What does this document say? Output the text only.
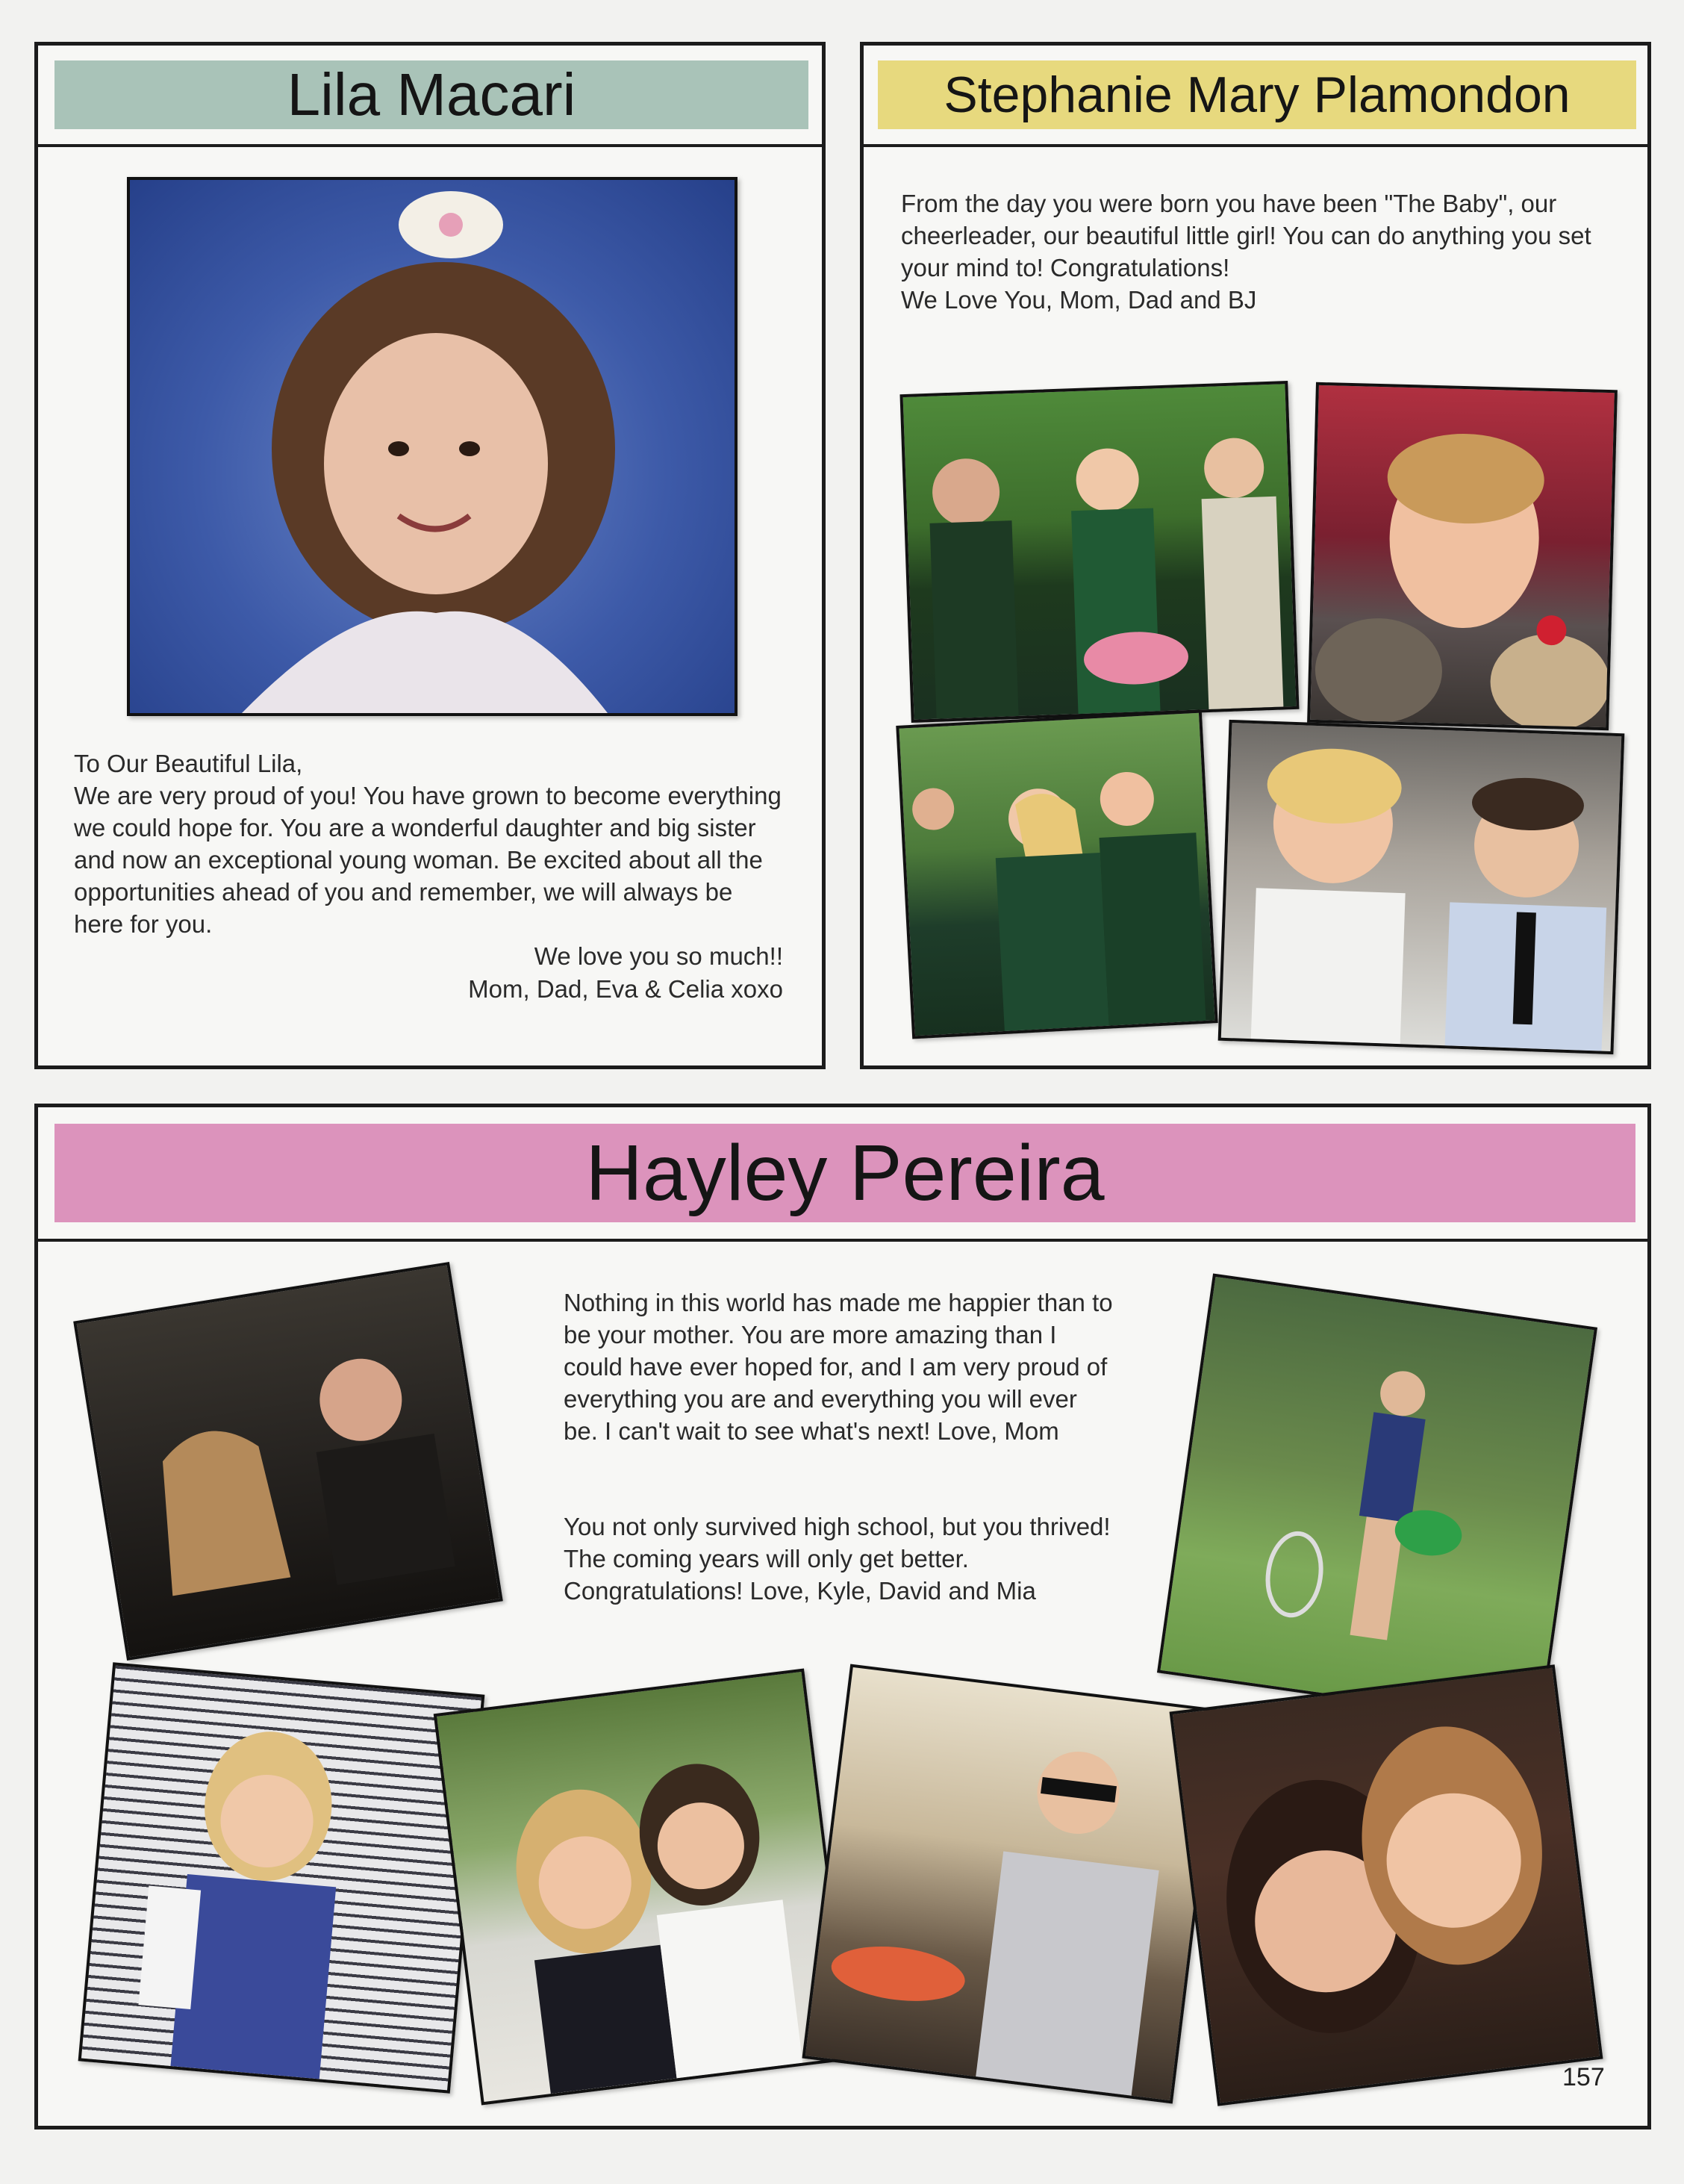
Lila Macari
To Our Beautiful Lila,
We are very proud of you! You have grown to become everything we could hope for. You are a wonderful daughter and big sister and now an exceptional young woman. Be excited about all the opportunities ahead of you and remember, we will always be here for you.
We love you so much!!
Mom, Dad, Eva & Celia xoxo
Stephanie Mary Plamondon
From the day you were born you have been "The Baby", our cheerleader, our beautiful little girl! You can do anything you set your mind to! Congratulations!
We Love You, Mom, Dad and BJ
Hayley Pereira
Nothing in this world has made me happier than to be your mother. You are more amazing than I could have ever hoped for, and I am very proud of everything you are and everything you will ever be. I can't wait to see what's next! Love, Mom
You not only survived high school, but you thrived! The coming years will only get better. Congratulations! Love, Kyle, David and Mia
157
